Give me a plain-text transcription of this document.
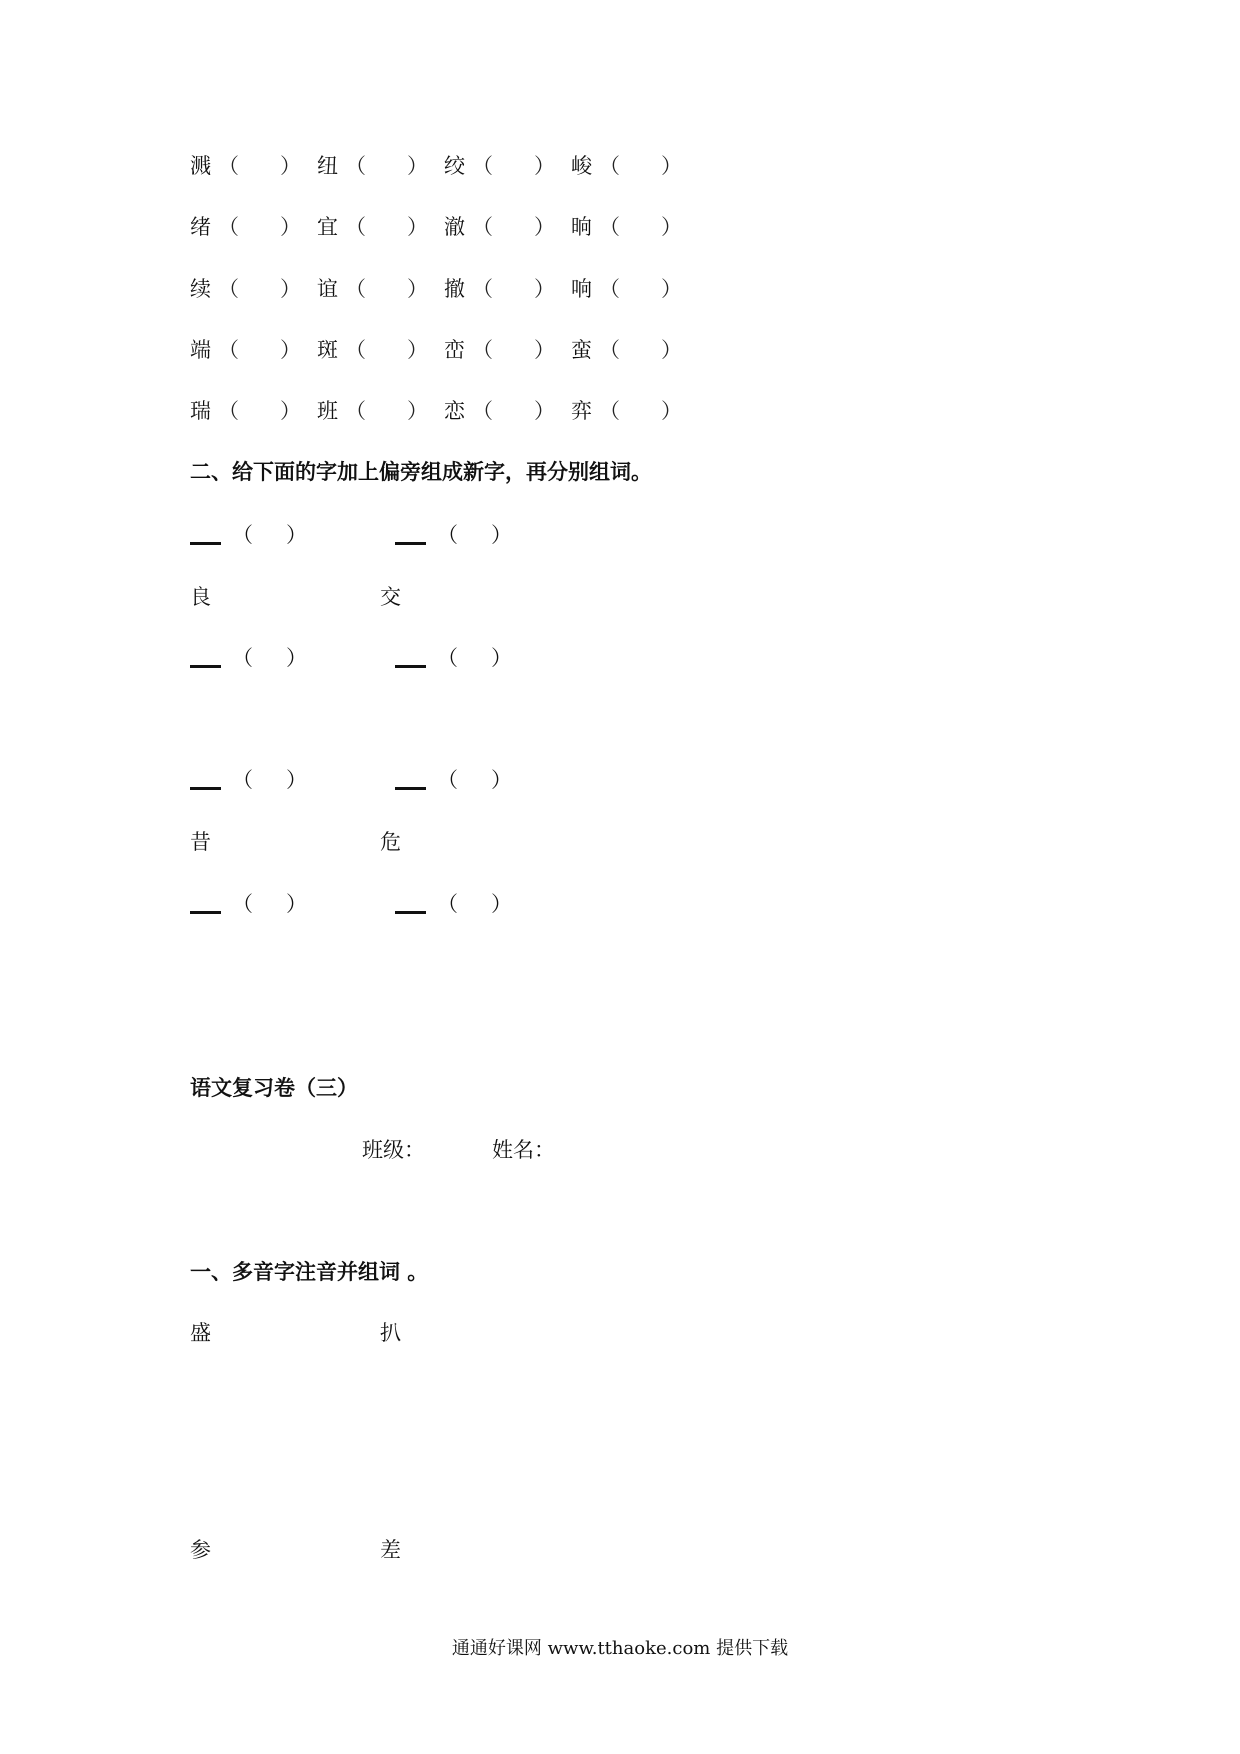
溅 （ ） 纽 （ ） 绞 （ ） 峻 （ ）
绪 （ ） 宜 （ ） 澈 （ ） 晌 （ ）
续 （ ） 谊 （ ） 撤 （ ） 响 （ ）
端 （ ） 斑 （ ） 峦 （ ） 蛮 （ ）
瑞 （ ） 班 （ ） 恋 （ ） 弈 （ ）
二、给下面的字加上偏旁组成新字，再分别组词。
（ ）	（ ）
良	交
（ ）	（ ）
（ ）	（ ）
昔	危
（ ）	（ ）
语文复习卷（三）
班级：	姓名：
一、多音字注音并组词 。
盛	扒
参	差
通通好课网 www.tthaoke.com 提供下载
